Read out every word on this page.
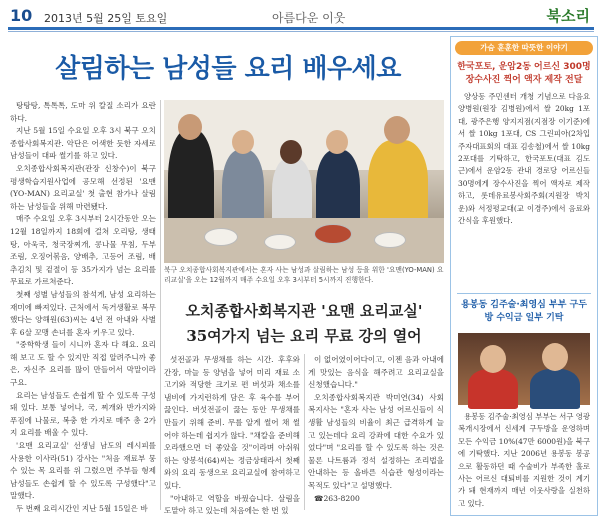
10 2013년 5월 25일 토요일	아름다운 이웃	북소리
살림하는 남성들 요리 배우세요

탕탕탕, 톡톡톡, 도마 위 칼질 소리가 요란하다.

지난 5월 15일 수요일 오후 3시 북구 오치종합사회복지관. 악단은 어색한 듯한 자세로 남성들이 대파 썰기를 하고 있다.

오치종합사회복지관(관장 신창수)이 북구 평생학습지원사업에 공모해 선정된 '요맨(YO-MAN) 요리교실' 첫 출현 참가나 살림하는 남성들을 위해 마련됐다.

매주 수요일 오후 3시부터 2시간동안 오는 12월 18일까지 18회에 걸쳐 오리탕, 생태탕, 아욱국, 청국장찌개, 콩나물 무침, 두부조림, 오징어볶음, 양배추, 고등어 조림, 배추김치 및 겉절이 등 35가지가 넘는 요리를 무료로 가르쳐준다.

첫째 성별 남성들의 참석게, 남성 요리하는 재미에 빠져있다. 근처에서 독거생활로 복무했다는 양해원(63)씨는 4년 전 아내와 사별 후 6살 꼬맹 손녀를 혼자 키우고 있다.

"중학학생 들이 시니까 혼자 다 해요. 요리해 보고 도 할 수 있지만 직접 알려주니까 좋은, 자신주 요리를 많이 만들어서 막말이라구요.

요리는 남성들도 손쉽게 할 수 있도록 구성돼 있다. 보통 넣어나, 국, 찌개와 반가지와 푸짐에 나물로, 복충 한 가지로 매주 총 2가지 요리를 배울 수 있다.

'요맨 요리교실' 선생님 남도의 레시피를 사용한 이사라(51) 강사는 "처음 재료부 뭉 수 있는 목 요리를 위 그렸으면 주부들 형제 남성들도 손쉽게 할 수 있도록 구성했다"고 말했다.

두 번째 요리시간인 지난 5월 15일은 바

북구 오치종합사회복지관에서는 혼자 사는 남성과 살림하는 남성 등을 위한 '요맨(YO-MAN) 요리교실'을 오는 12월까지 매주 수요일 오후 3시부터 5시까지 진행한다.
오치종합사회복지관 '요맨 요리교실'
35여가지 넘는 요리 무료 강의 열어

섯전골과 무생채를 하는 시간. 후후와 간장, 마늘 등 양념을 넣어 미리 재료 소고기와 적당한 크기로 편 버섯과 채소를 냄비에 가지런하게 담은 후 육수를 부어 끓인다. 버섯전골이 끓는 동안 무생채를 만들기 위해 준비. 무를 알게 썰어 채 썰어야 하는데 쉽지가 않다. "채칼을 준비해 오라했으면 더 좋았을 것"이라며 아쉬워하는 양봉석(64)씨는 정금상태라서 첫째와의 요리 동생으로 요리교실에 참여하고 있다.

"아내하고 역할을 바꿨습니다. 살림을 도맡아 하고 있는데 처음에는 한 번 있

이 없어였이어다이고, 이젠 음과 아내에게 맛있는 음식을 해주려고 요리교실을 신청했습니다."

오치종합사회복지관 박미연(34) 사회복지사는 "혼자 사는 남성 어르신들이 식생활 남성들의 비율이 최근 급격하게 늘고 있는데다 요리 강좌에 대한 수요가 있었다"며 "요리를 할 수 있도록 하는 것은 물론 나트륨과 정석 설정하는 조리법을 안내하는 등 올바른 식습관 형성이라는 목적도 있다"고 설명했다.

☎263-8200

가슴 훈훈한 따뜻한 이야기
한국포토, 운암2동 어르신 300명 장수사진 찍어 액자 제작 전달

양상동 주민센터 개청 기념으로 다음요양병원(원장 김병원)에서 쌀 20kg 1포대, 광주은행 양지지점(지점장 이기준)에서 쌀 10kg 1포대, CS 그린피아(2차입주자대표회의 대표 김송철)에서 쌀 10kg 2포대를 기탁하고, 한국포토(대표 김도근)에서 운암2동 관내 경로당 어르신들 30명에게 장수사진을 찍어 액자로 제작하고, 롯데유료봉사회주회(지원장 박치운)와 서정평교대(교 이경주)에서 음료와 간식을 후원했다.

용봉동 김주술·최영심 부부 구두방 수익금 일부 기탁

용봉동 김주술·최영심 부부는 서구 영광 복개시장에서 신세계 구두방을 운영하며 모든 수익금 10%(47만 6000원)을 북구에 기탁했다. 지난 2006년 용봉동 봉공으로 활동하던 때 수술비가 부족한 홀로 사는 어르신 대퇴비를 지원한 것이 계기가 돼 현재까지 매년 이웃사랑을 실천하고 있다.
